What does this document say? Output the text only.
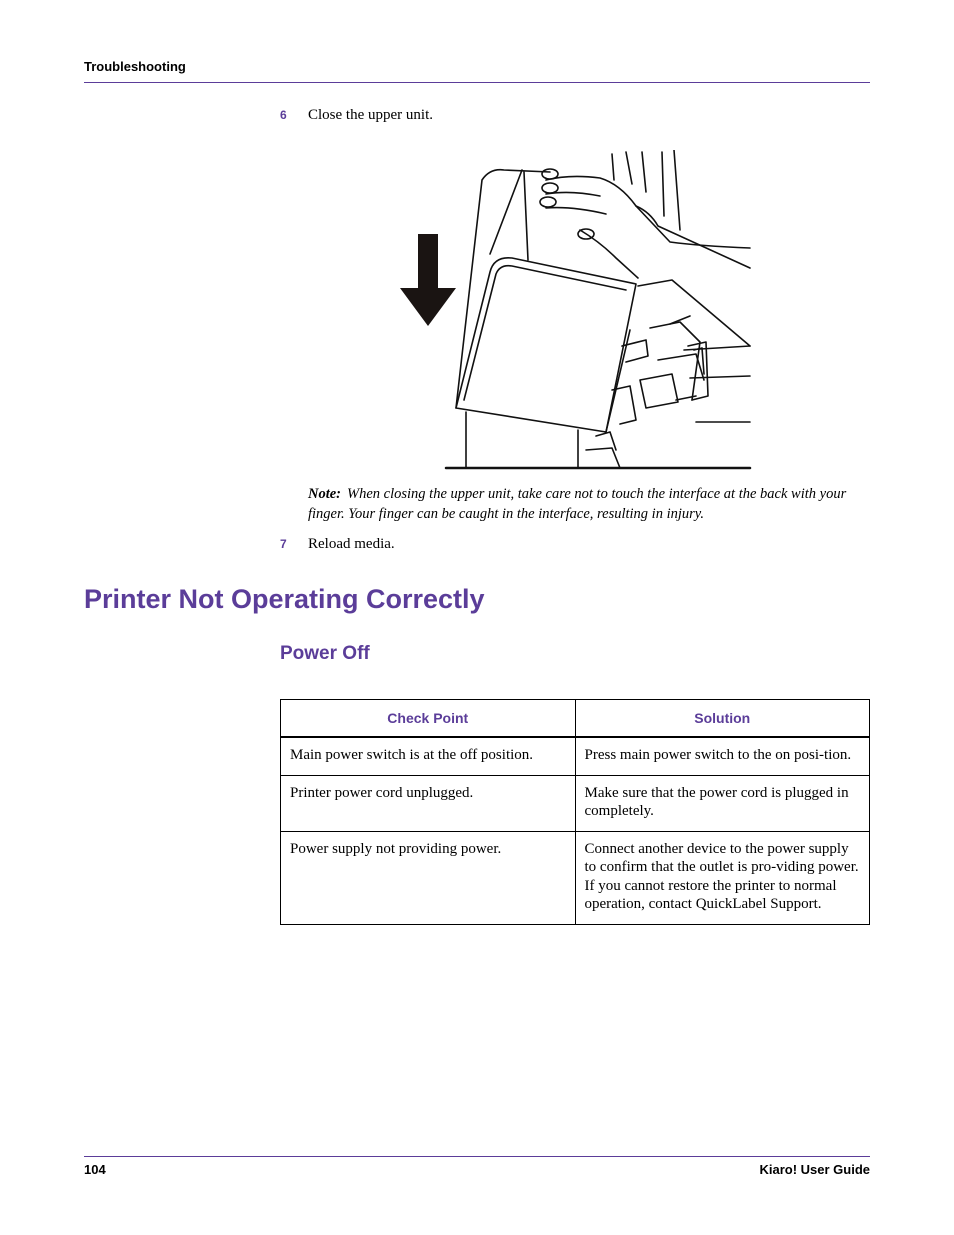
Troubleshooting
6 Close the upper unit.
Note: When closing the upper unit, take care not to touch the interface at the back with your finger. Your finger can be caught in the interface, resulting in injury.
7 Reload media.
Printer Not Operating Correctly
Power Off
Check Point	Solution
Main power switch is at the off position.	Press main power switch to the on posi-tion.
Printer power cord unplugged.	Make sure that the power cord is plugged in completely.
Power supply not providing power.	Connect another device to the power supply to confirm that the outlet is pro-viding power. If you cannot restore the printer to normal operation, contact QuickLabel Support.
104	Kiaro! User Guide
